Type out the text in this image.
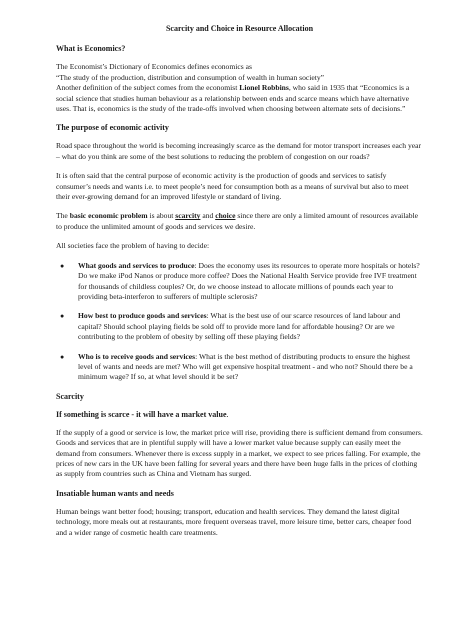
Scarcity and Choice in Resource Allocation
What is Economics?

The Economist’s Dictionary of Economics defines economics as

“The study of the production, distribution and consumption of wealth in human society”

Another definition of the subject comes from the economist Lionel Robbins, who said in 1935 that “Economics is a social science that studies human behaviour as a relationship between ends and scarce means which have alternative uses. That is, economics is the study of the trade-offs involved when choosing between alternate sets of decisions.”

The purpose of economic activity

Road space throughout the world is becoming increasingly scarce as the demand for motor transport increases each year – what do you think are some of the best solutions to reducing the problem of congestion on our roads?

It is often said that the central purpose of economic activity is the production of goods and services to satisfy consumer’s needs and wants i.e. to meet people’s need for consumption both as a means of survival but also to meet their ever-growing demand for an improved lifestyle or standard of living.

The basic economic problem is about scarcity and choice since there are only a limited amount of resources available to produce the unlimited amount of goods and services we desire.

All societies face the problem of having to decide:

● What goods and services to produce: Does the economy uses its resources to operate more hospitals or hotels? Do we make iPod Nanos or produce more coffee? Does the National Health Service provide free IVF treatment for thousands of childless couples? Or, do we choose instead to allocate millions of pounds each year to providing beta-interferon to sufferers of multiple sclerosis?
● How best to produce goods and services: What is the best use of our scarce resources of land labour and capital? Should school playing fields be sold off to provide more land for affordable housing? Or are we contributing to the problem of obesity by selling off these playing fields?
● Who is to receive goods and services: What is the best method of distributing products to ensure the highest level of wants and needs are met? Who will get expensive hospital treatment - and who not? Should there be a minimum wage? If so, at what level should it be set?
Scarcity
If something is scarce - it will have a market value.

If the supply of a good or service is low, the market price will rise, providing there is sufficient demand from consumers. Goods and services that are in plentiful supply will have a lower market value because supply can easily meet the demand from consumers. Whenever there is excess supply in a market, we expect to see prices falling. For example, the prices of new cars in the UK have been falling for several years and there have been huge falls in the prices of clothing as supply from countries such as China and Vietnam has surged.

Insatiable human wants and needs

Human beings want better food; housing; transport, education and health services. They demand the latest digital technology, more meals out at restaurants, more frequent overseas travel, more leisure time, better cars, cheaper food and a wider range of cosmetic health care treatments.
